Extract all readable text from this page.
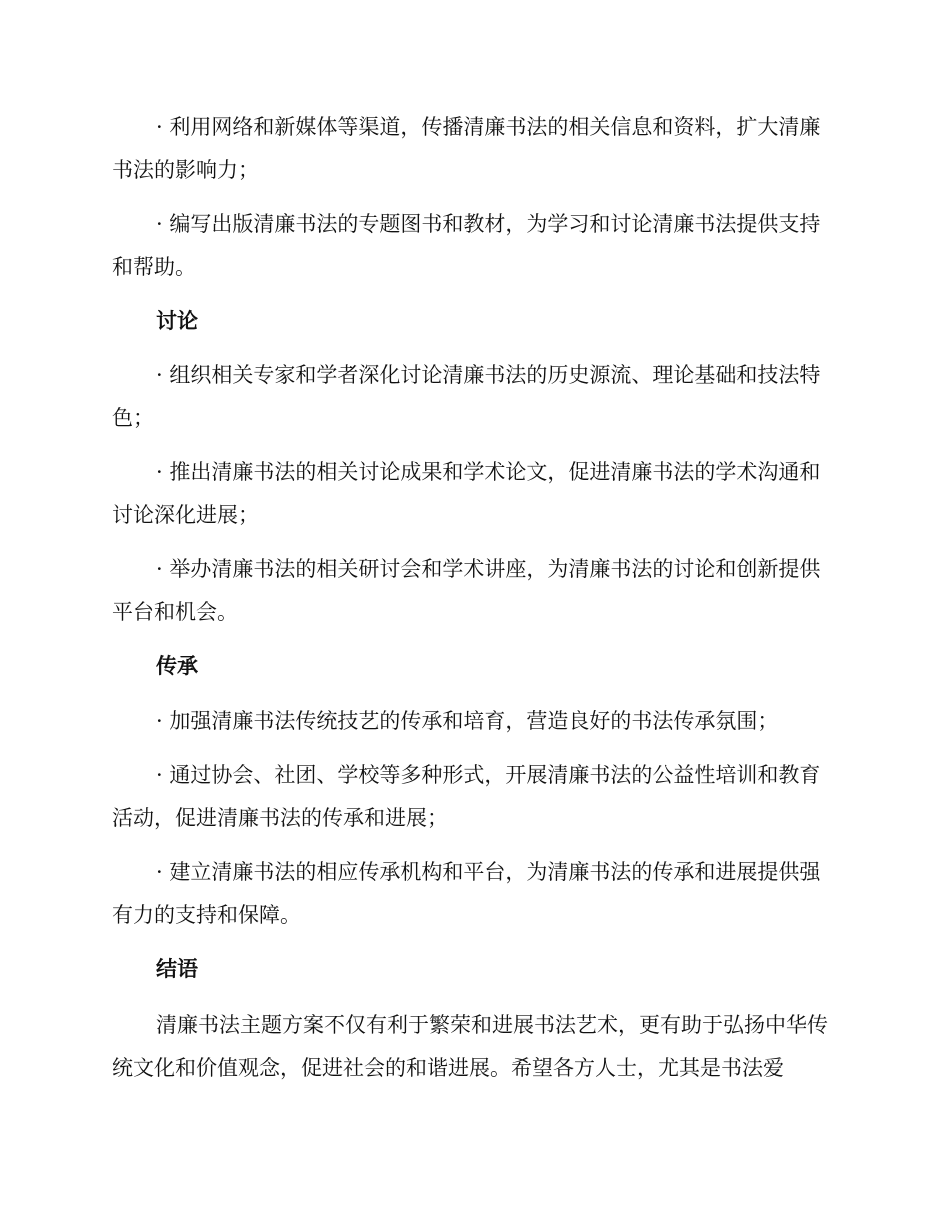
· 利用网络和新媒体等渠道，传播清廉书法的相关信息和资料，扩大清廉书法的影响力；

· 编写出版清廉书法的专题图书和教材，为学习和讨论清廉书法提供支持和帮助。

讨论

· 组织相关专家和学者深化讨论清廉书法的历史源流、理论基础和技法特色；

· 推出清廉书法的相关讨论成果和学术论文，促进清廉书法的学术沟通和讨论深化进展；

· 举办清廉书法的相关研讨会和学术讲座，为清廉书法的讨论和创新提供平台和机会。

传承

· 加强清廉书法传统技艺的传承和培育，营造良好的书法传承氛围；

· 通过协会、社团、学校等多种形式，开展清廉书法的公益性培训和教育活动，促进清廉书法的传承和进展；

· 建立清廉书法的相应传承机构和平台，为清廉书法的传承和进展提供强有力的支持和保障。

结语

清廉书法主题方案不仅有利于繁荣和进展书法艺术，更有助于弘扬中华传统文化和价值观念，促进社会的和谐进展。希望各方人士，尤其是书法爱
